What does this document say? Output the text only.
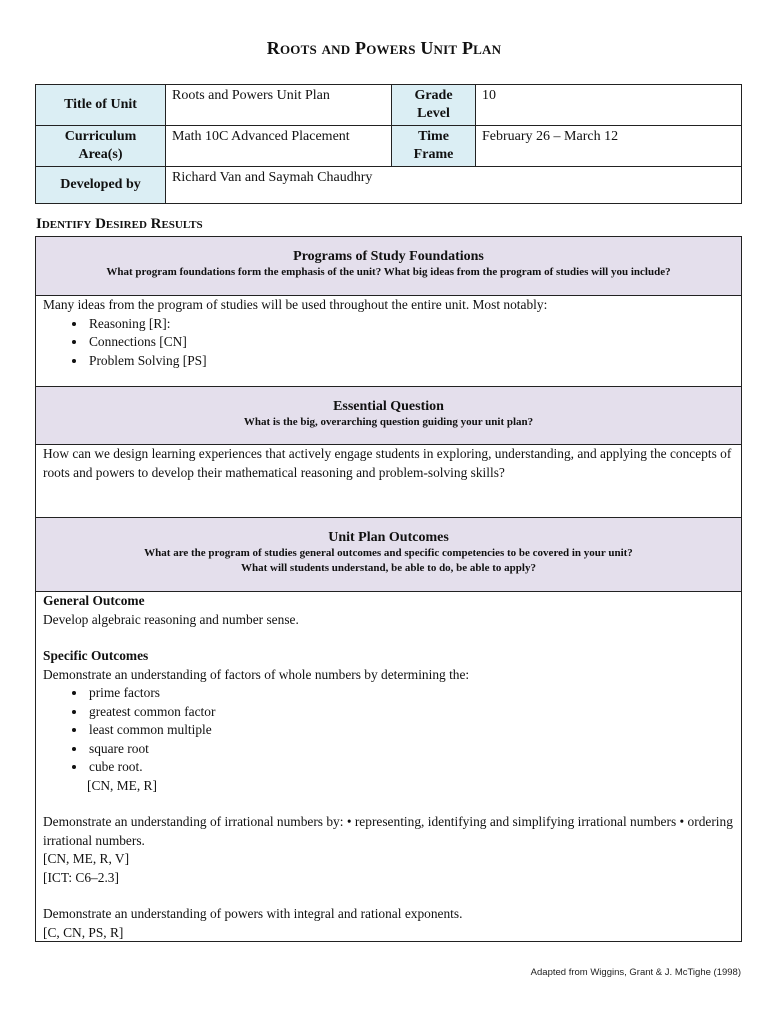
Roots and Powers Unit Plan
Title of Unit	Roots and Powers Unit Plan	Grade Level	10
Curriculum Area(s)	Math 10C Advanced Placement	Time Frame	February 26 – March 12
Developed by	Richard Van and Saymah Chaudhry		
Identify Desired Results
Programs of Study Foundations
What program foundations form the emphasis of the unit? What big ideas from the program of studies will you include?
Many ideas from the program of studies will be used throughout the entire unit. Most notably:
• Reasoning [R]:
• Connections [CN]
• Problem Solving [PS]
Essential Question
What is the big, overarching question guiding your unit plan?
How can we design learning experiences that actively engage students in exploring, understanding, and applying the concepts of roots and powers to develop their mathematical reasoning and problem-solving skills?
Unit Plan Outcomes
What are the program of studies general outcomes and specific competencies to be covered in your unit?
What will students understand, be able to do, be able to apply?
General Outcome
Develop algebraic reasoning and number sense.
Specific Outcomes
Demonstrate an understanding of factors of whole numbers by determining the:
• prime factors
• greatest common factor
• least common multiple
• square root
• cube root.
[CN, ME, R]
Demonstrate an understanding of irrational numbers by: • representing, identifying and simplifying irrational numbers • ordering irrational numbers.
[CN, ME, R, V]
[ICT: C6–2.3]
Demonstrate an understanding of powers with integral and rational exponents.
[C, CN, PS, R]
Adapted from Wiggins, Grant & J. McTighe (1998)
